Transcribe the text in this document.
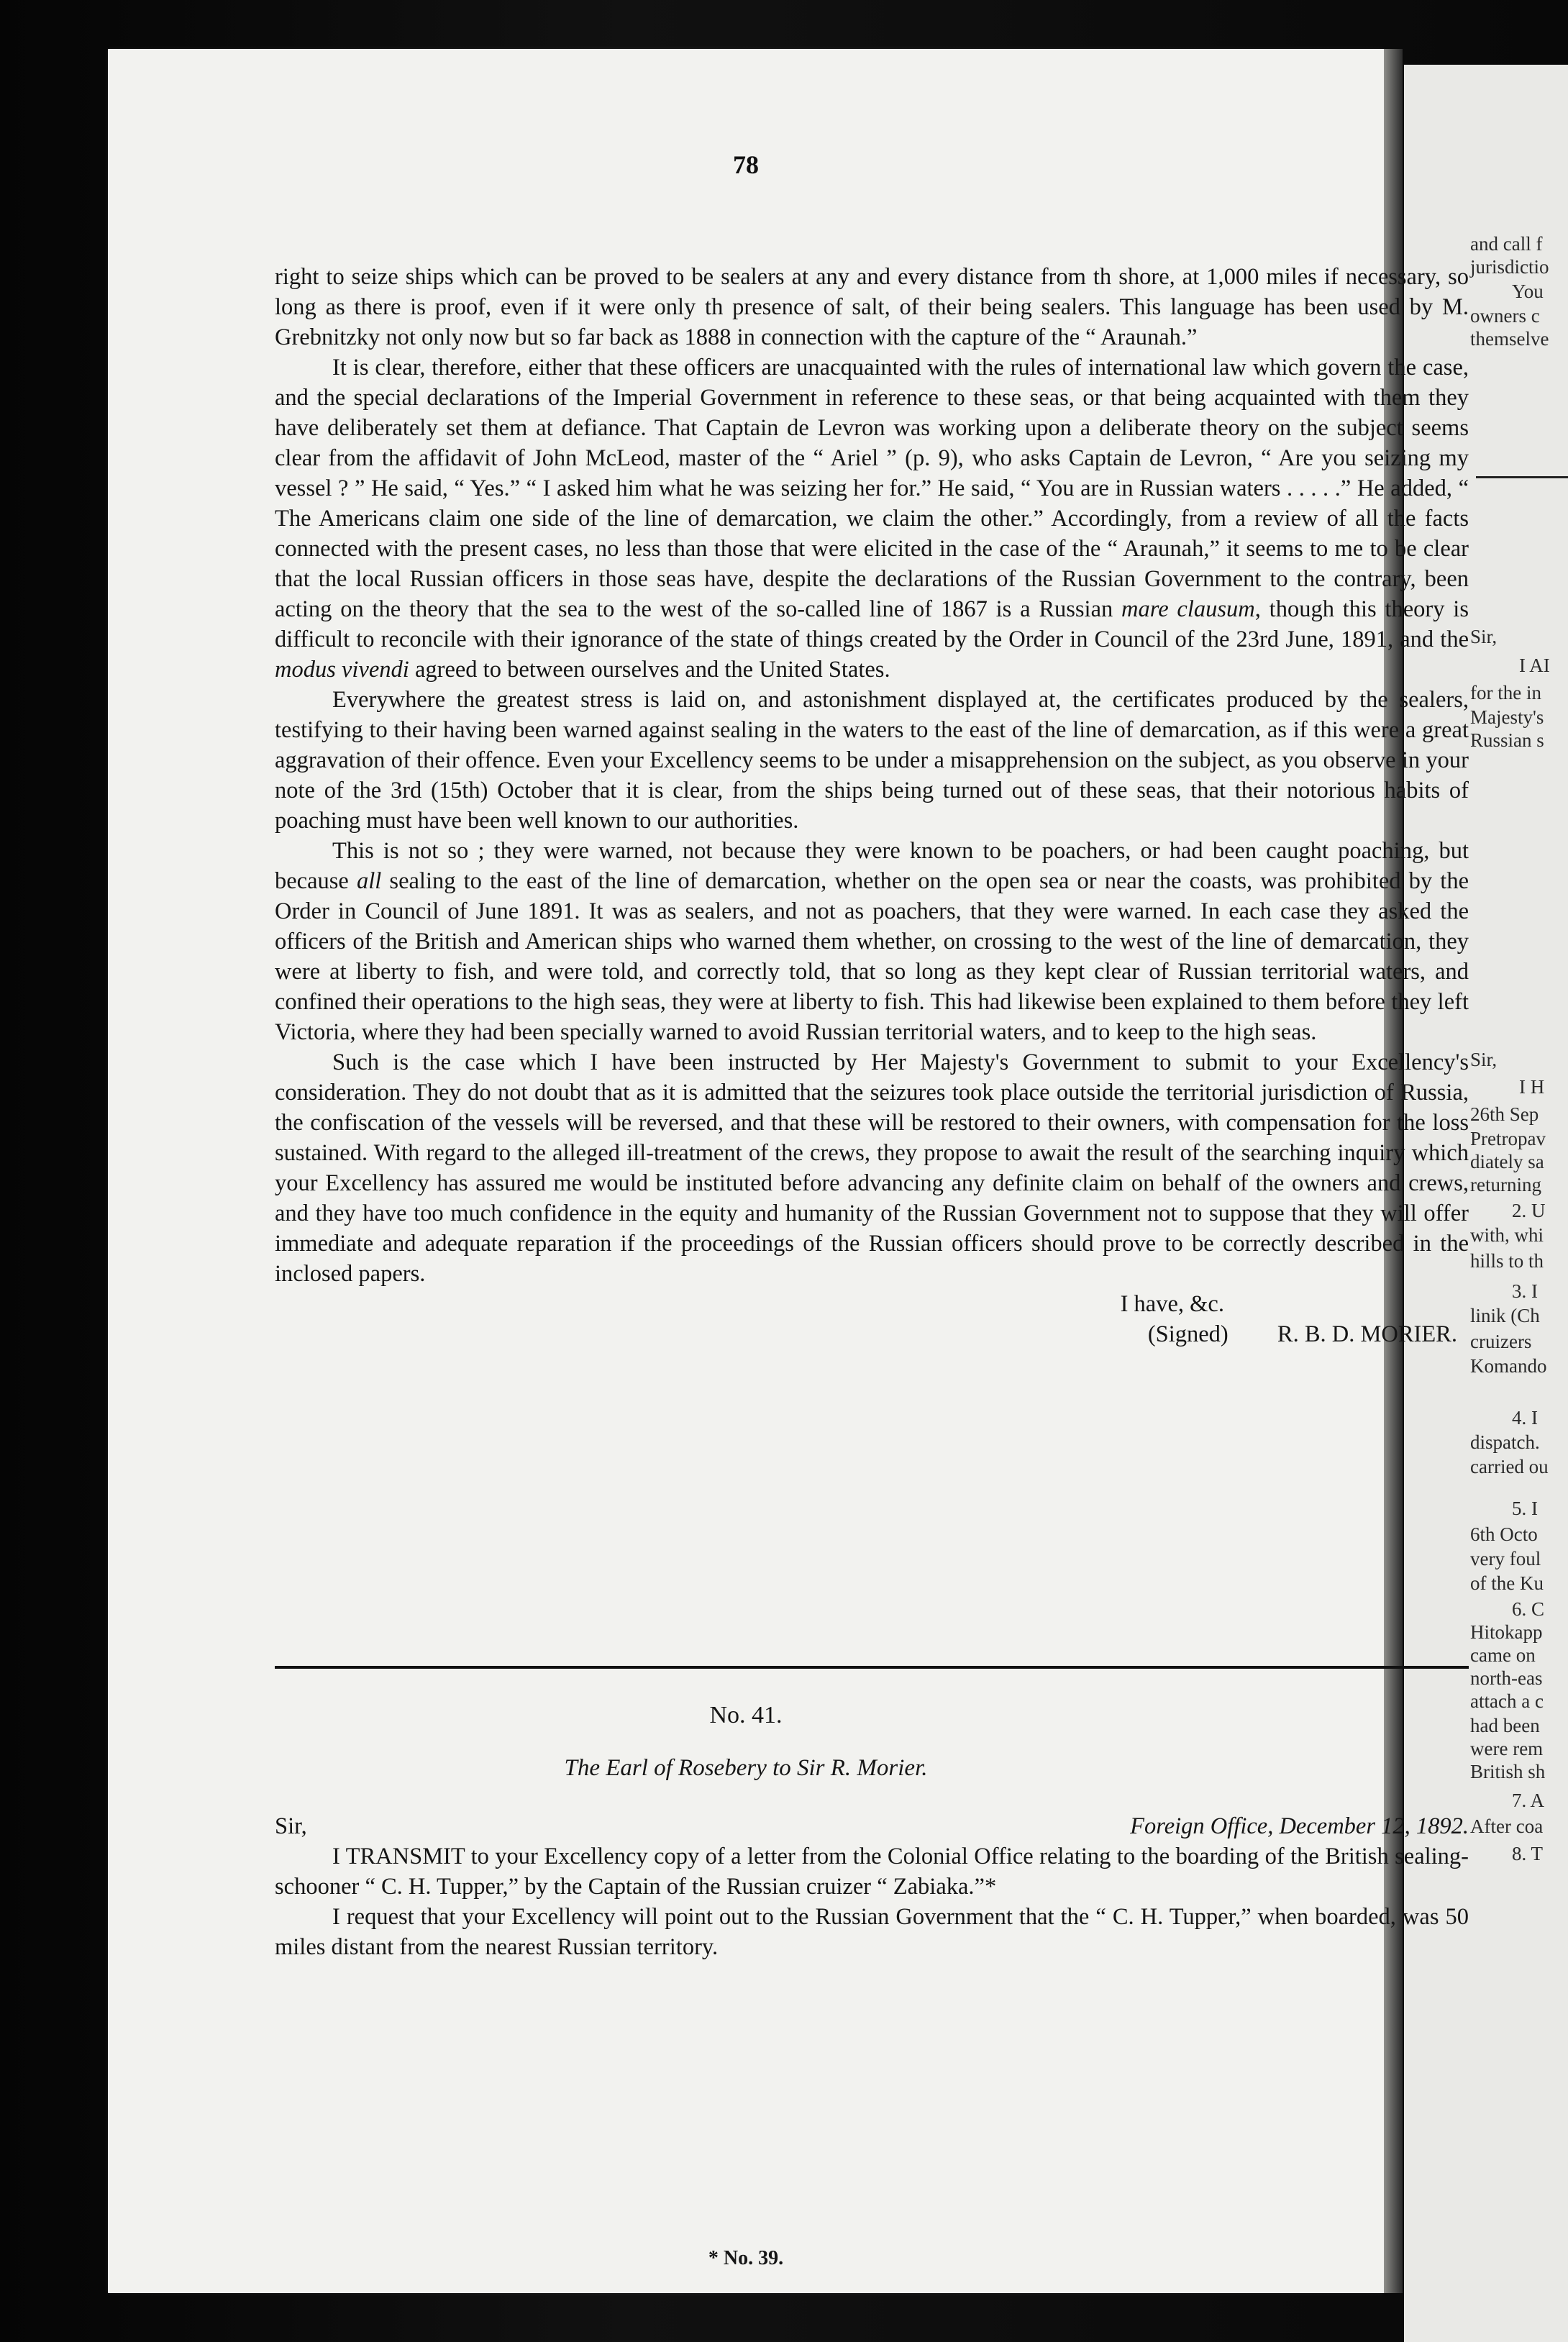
and call f
jurisdictio
You
owners c
themselve
Sir,
I AI
for the in
Majesty's
Russian s
Sir,
I H
26th Sep
Pretropav
diately sa
returning
2. U
with, whi
hills to th
3. I
linik (Ch
cruizers
Komando
4. I
dispatch.
carried ou
5. I
6th Octo
very foul
of the Ku
6. C
Hitokapp
came on
north-eas
attach a c
had been
were rem
British sh
7. A
After coa
8. T
78

right to seize ships which can be proved to be sealers at any and every distance from th shore, at 1,000 miles if necessary, so long as there is proof, even if it were only th presence of salt, of their being sealers. This language has been used by M. Grebnitzky not only now but so far back as 1888 in connection with the capture of the “ Araunah.”

It is clear, therefore, either that these officers are unacquainted with the rules of international law which govern the case, and the special declarations of the Imperial Government in reference to these seas, or that being acquainted with them they have deliberately set them at defiance. That Captain de Levron was working upon a deliberate theory on the subject seems clear from the affidavit of John McLeod, master of the “ Ariel ” (p. 9), who asks Captain de Levron, “ Are you seizing my vessel ? ” He said, “ Yes.” “ I asked him what he was seizing her for.” He said, “ You are in Russian waters . . . . .” He added, “ The Americans claim one side of the line of demarcation, we claim the other.” Accordingly, from a review of all the facts connected with the present cases, no less than those that were elicited in the case of the “ Araunah,” it seems to me to be clear that the local Russian officers in those seas have, despite the declarations of the Russian Government to the contrary, been acting on the theory that the sea to the west of the so-called line of 1867 is a Russian mare clausum, though this theory is difficult to reconcile with their ignorance of the state of things created by the Order in Council of the 23rd June, 1891, and the modus vivendi agreed to between ourselves and the United States.

Everywhere the greatest stress is laid on, and astonishment displayed at, the certificates produced by the sealers, testifying to their having been warned against sealing in the waters to the east of the line of demarcation, as if this were a great aggravation of their offence. Even your Excellency seems to be under a misapprehension on the subject, as you observe in your note of the 3rd (15th) October that it is clear, from the ships being turned out of these seas, that their notorious habits of poaching must have been well known to our authorities.

This is not so ; they were warned, not because they were known to be poachers, or had been caught poaching, but because all sealing to the east of the line of demarcation, whether on the open sea or near the coasts, was prohibited by the Order in Council of June 1891. It was as sealers, and not as poachers, that they were warned. In each case they asked the officers of the British and American ships who warned them whether, on crossing to the west of the line of demarcation, they were at liberty to fish, and were told, and correctly told, that so long as they kept clear of Russian territorial waters, and confined their operations to the high seas, they were at liberty to fish. This had likewise been explained to them before they left Victoria, where they had been specially warned to avoid Russian territorial waters, and to keep to the high seas.

Such is the case which I have been instructed by Her Majesty's Government to submit to your Excellency's consideration. They do not doubt that as it is admitted that the seizures took place outside the territorial jurisdiction of Russia, the confiscation of the vessels will be reversed, and that these will be restored to their owners, with compensation for the loss sustained. With regard to the alleged ill-treatment of the crews, they propose to await the result of the searching inquiry which your Excellency has assured me would be instituted before advancing any definite claim on behalf of the owners and crews, and they have too much confidence in the equity and humanity of the Russian Government not to suppose that they will offer immediate and adequate reparation if the proceedings of the Russian officers should prove to be correctly described in the inclosed papers.

I have, &c.
(Signed) R. B. D. MORIER.
No. 41.
The Earl of Rosebery to Sir R. Morier.
Sir,	Foreign Office, December 12, 1892.

I TRANSMIT to your Excellency copy of a letter from the Colonial Office relating to the boarding of the British sealing-schooner “ C. H. Tupper,” by the Captain of the Russian cruizer “ Zabiaka.”*

I request that your Excellency will point out to the Russian Government that the “ C. H. Tupper,” when boarded, was 50 miles distant from the nearest Russian territory.

* No. 39.
